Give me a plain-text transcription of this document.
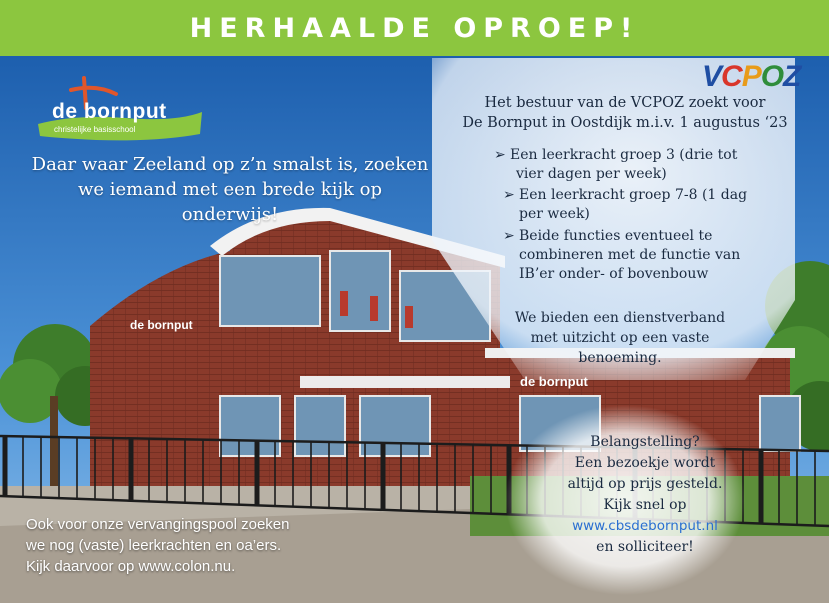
HERHAALDE OPROEP!
de bornput
christelijke basisschool
Daar waar Zeeland op z’n smalst is, zoeken we iemand met een brede kijk op onderwijs!
VCPOZ
Het bestuur van de VCPOZ zoekt voor
De Bornput in Oostdijk m.i.v. 1 augustus ‘23
➢ Een leerkracht groep 3 (drie tot
vier dagen per week)
➢ Een leerkracht groep 7-8 (1 dag
per week)
➢ Beide functies eventueel te
combineren met de functie van
IB’er onder- of bovenbouw
We bieden een dienstverband
met uitzicht op een vaste
benoeming.
de bornput
de bornput
Belangstelling?
Een bezoekje wordt
altijd op prijs gesteld.
Kijk snel op
www.cbsdebornput.nl
en solliciteer!
Ook voor onze vervangingspool zoeken
we nog (vaste) leerkrachten en oa’ers.
Kijk daarvoor op www.colon.nu.
